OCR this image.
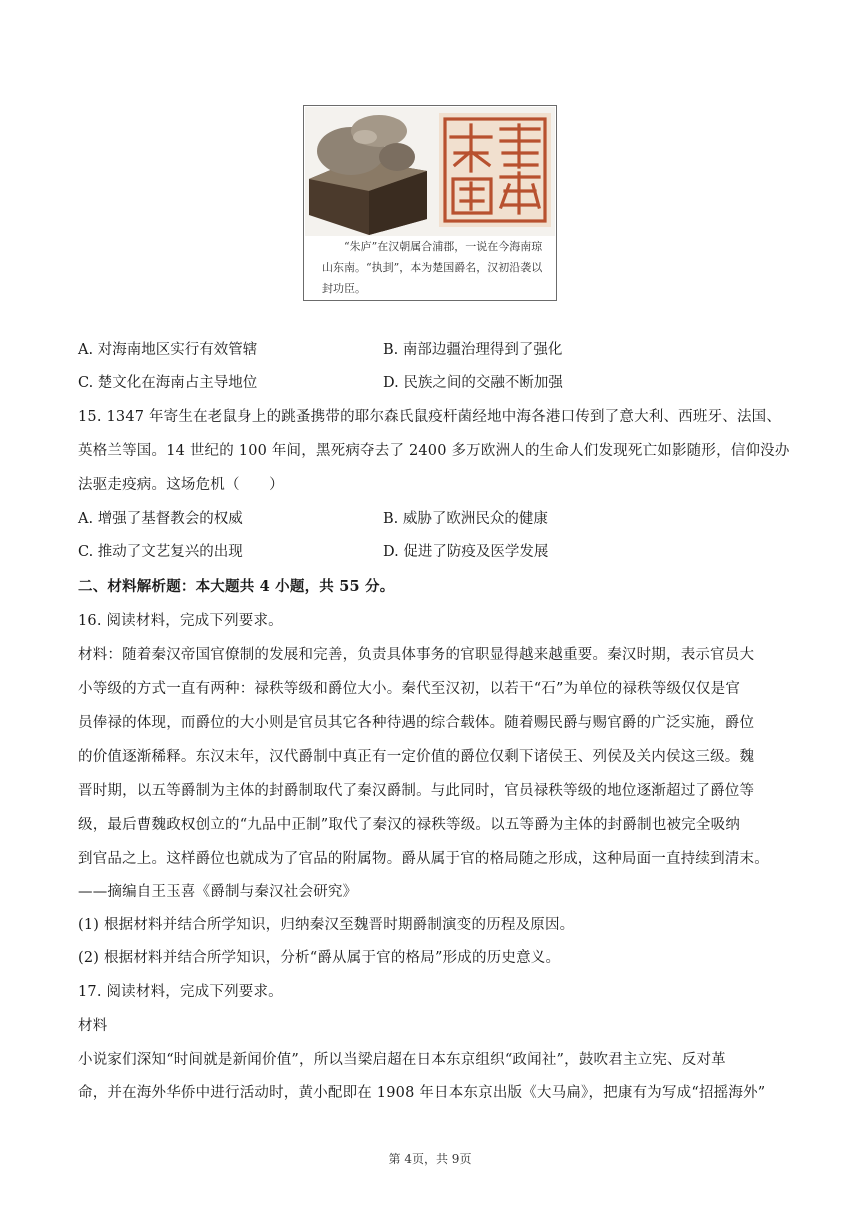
“朱庐”在汉朝属合浦郡，一说在今海南琼山东南。“执刲”，本为楚国爵名，汉初沿袭以封功臣。

A. 对海南地区实行有效管辖	B. 南部边疆治理得到了强化
C. 楚文化在海南占主导地位	D. 民族之间的交融不断加强
15. 1347 年寄生在老鼠身上的跳蚤携带的耶尔森氏鼠疫杆菌经地中海各港口传到了意大利、西班牙、法国、
英格兰等国。14 世纪的 100 年间，黑死病夺去了 2400 多万欧洲人的生命人们发现死亡如影随形，信仰没办
法驱走疫病。这场危机（　　）
A. 增强了基督教会的权威	B. 威胁了欧洲民众的健康
C. 推动了文艺复兴的出现	D. 促进了防疫及医学发展
二、材料解析题：本大题共 4 小题，共 55 分。
16. 阅读材料，完成下列要求。
材料：随着秦汉帝国官僚制的发展和完善，负责具体事务的官职显得越来越重要。秦汉时期，表示官员大
小等级的方式一直有两种：禄秩等级和爵位大小。秦代至汉初，以若干“石”为单位的禄秩等级仅仅是官
员俸禄的体现，而爵位的大小则是官员其它各种待遇的综合载体。随着赐民爵与赐官爵的广泛实施，爵位
的价值逐渐稀释。东汉末年，汉代爵制中真正有一定价值的爵位仅剩下诸侯王、列侯及关内侯这三级。魏
晋时期，以五等爵制为主体的封爵制取代了秦汉爵制。与此同时，官员禄秩等级的地位逐渐超过了爵位等
级，最后曹魏政权创立的“九品中正制”取代了秦汉的禄秩等级。以五等爵为主体的封爵制也被完全吸纳
到官品之上。这样爵位也就成为了官品的附属物。爵从属于官的格局随之形成，这种局面一直持续到清末。
——摘编自王玉喜《爵制与秦汉社会研究》
(1) 根据材料并结合所学知识，归纳秦汉至魏晋时期爵制演变的历程及原因。
(2) 根据材料并结合所学知识，分析“爵从属于官的格局”形成的历史意义。
17. 阅读材料，完成下列要求。
材料
小说家们深知“时间就是新闻价值”，所以当梁启超在日本东京组织“政闻社”，鼓吹君主立宪、反对革
命，并在海外华侨中进行活动时，黄小配即在 1908 年日本东京出版《大马扁》，把康有为写成“招摇海外”
第 4页，共 9页
